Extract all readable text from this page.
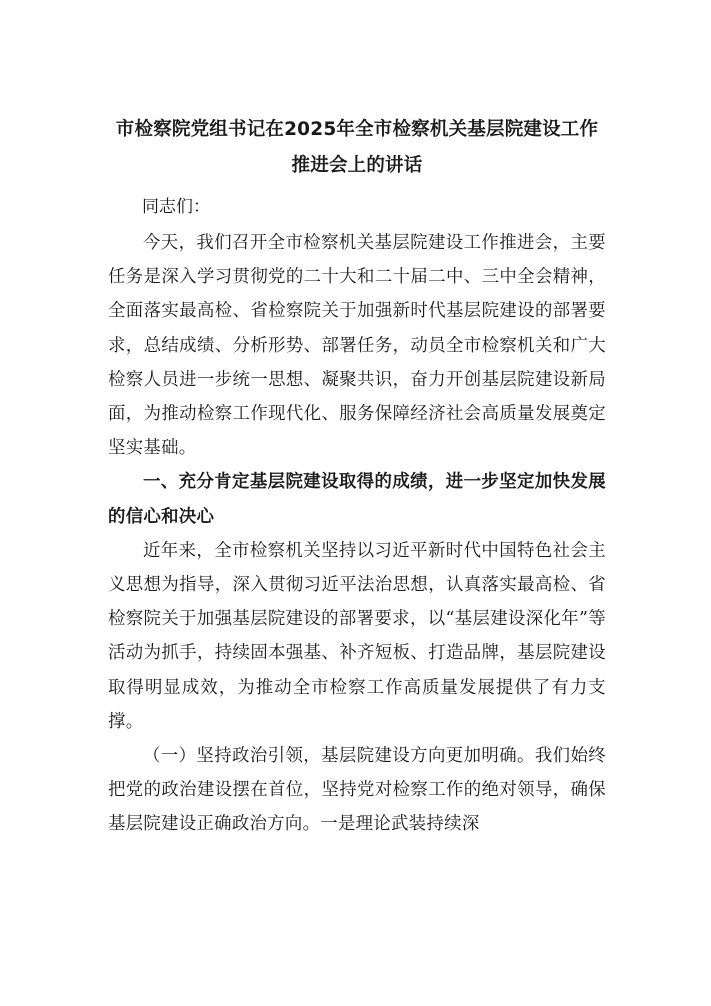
市检察院党组书记在2025年全市检察机关基层院建设工作推进会上的讲话

同志们：

今天，我们召开全市检察机关基层院建设工作推进会，主要任务是深入学习贯彻党的二十大和二十届二中、三中全会精神，全面落实最高检、省检察院关于加强新时代基层院建设的部署要求，总结成绩、分析形势、部署任务，动员全市检察机关和广大检察人员进一步统一思想、凝聚共识，奋力开创基层院建设新局面，为推动检察工作现代化、服务保障经济社会高质量发展奠定坚实基础。

一、充分肯定基层院建设取得的成绩，进一步坚定加快发展的信心和决心

近年来，全市检察机关坚持以习近平新时代中国特色社会主义思想为指导，深入贯彻习近平法治思想，认真落实最高检、省检察院关于加强基层院建设的部署要求，以“基层建设深化年”等活动为抓手，持续固本强基、补齐短板、打造品牌，基层院建设取得明显成效，为推动全市检察工作高质量发展提供了有力支撑。

（一）坚持政治引领，基层院建设方向更加明确。我们始终把党的政治建设摆在首位，坚持党对检察工作的绝对领导，确保基层院建设正确政治方向。一是理论武装持续深
